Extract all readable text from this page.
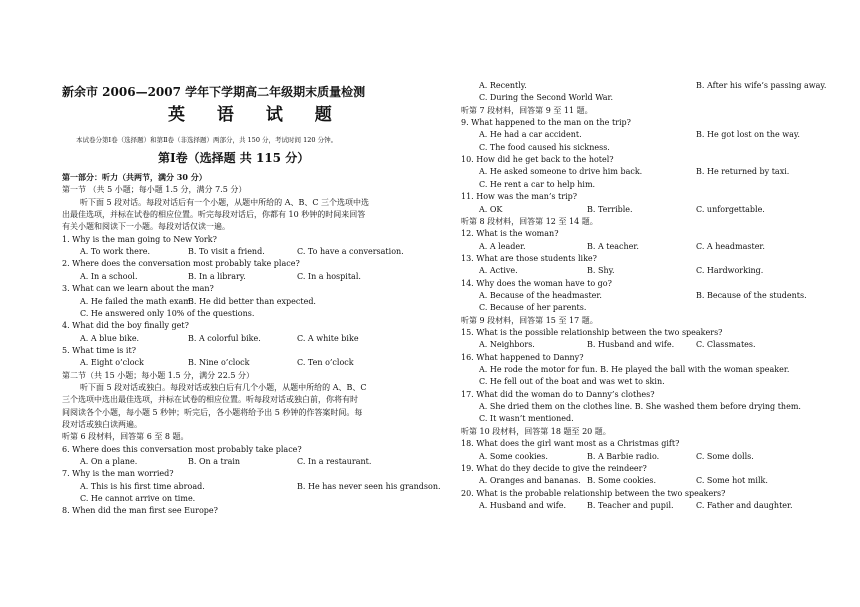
新余市 2006—2007 学年下学期高二年级期末质量检测
英 语 试 题
本试卷分第Ⅰ卷（选择题）和第Ⅱ卷（非选择题）两部分，共 150 分，考试时间 120 分钟。
第Ⅰ卷（选择题 共 115 分）
第一部分：听力（共两节，满分 30 分）
第一节 （共 5 小题；每小题 1.5 分，满分 7.5 分）
听下面 5 段对话。每段对话后有一个小题，从题中所给的 A、B、C 三个选项中选
出最佳选项，并标在试卷的相应位置。听完每段对话后，你都有 10 秒钟的时间来回答
有关小题和阅读下一小题。每段对话仅读一遍。
1. Why is the man going to New York?
A. To work there.	B. To visit a friend.	C. To have a conversation.
2. Where does the conversation most probably take place?
A. In a school.	B. In a library.	C. In a hospital.
3. What can we learn about the man?
A. He failed the math exam.
B. He did better than expected.
C. He answered only 10% of the questions.
4. What did the boy finally get?
A. A blue bike.	B. A colorful bike.	C. A white bike
5. What time is it?
A. Eight o’clock	B. Nine o’clock	C. Ten o’clock
第二节（共 15 小题；每小题 1.5 分，满分 22.5 分）
听下面 5 段对话或独白。每段对话或独白后有几个小题，从题中所给的 A、B、C
三个选项中选出最佳选项，并标在试卷的相应位置。听每段对话或独白前，你将有时
间阅读各个小题，每小题 5 秒钟；听完后，各小题将给予出 5 秒钟的作答案时间。每
段对话或独白读两遍。
听第 6 段材料，回答第 6 至 8 题。
6. Where does this conversation most probably take place?
A. On a plane.	B. On a train	C. In a restaurant.
7. Why is the man worried?
A. This is his first time abroad.	B. He has never seen his grandson.
C. He cannot arrive on time.
8. When did the man first see Europe?
A. Recently.	B. After his wife’s passing away.
C. During the Second World War.
听第 7 段材料，回答第 9 至 11 题。
9. What happened to the man on the trip?
A. He had a car accident.	B. He got lost on the way.
C. The food caused his sickness.
10. How did he get back to the hotel?
A. He asked someone to drive him back.	B. He returned by taxi.
C. He rent a car to help him.
11. How was the man’s trip?
A. OK	B. Terrible.	C. unforgettable.
听第 8 段材料，回答第 12 至 14 题。
12. What is the woman?
A. A leader.	B. A teacher.	C. A headmaster.
13. What are those students like?
A. Active.	B. Shy.	C. Hardworking.
14. Why does the woman have to go?
A. Because of the headmaster.	B. Because of the students.
C. Because of her parents.
听第 9 段材料，回答第 15 至 17 题。
15. What is the possible relationship between the two speakers?
A. Neighbors.	B. Husband and wife.	C. Classmates.
16. What happened to Danny?
A. He rode the motor for fun. B. He played the ball with the woman speaker.
C. He fell out of the boat and was wet to skin.
17. What did the woman do to Danny’s clothes?
A. She dried them on the clothes line. B. She washed them before drying them.
C. It wasn’t mentioned.
听第 10 段材料，回答第 18 题至 20 题。
18. What does the girl want most as a Christmas gift?
A. Some cookies.	B. A Barbie radio.	C. Some dolls.
19. What do they decide to give the reindeer?
A. Oranges and bananas. B. Some cookies.	C. Some hot milk.
20. What is the probable relationship between the two speakers?
A. Husband and wife.	B. Teacher and pupil.	C. Father and daughter.
